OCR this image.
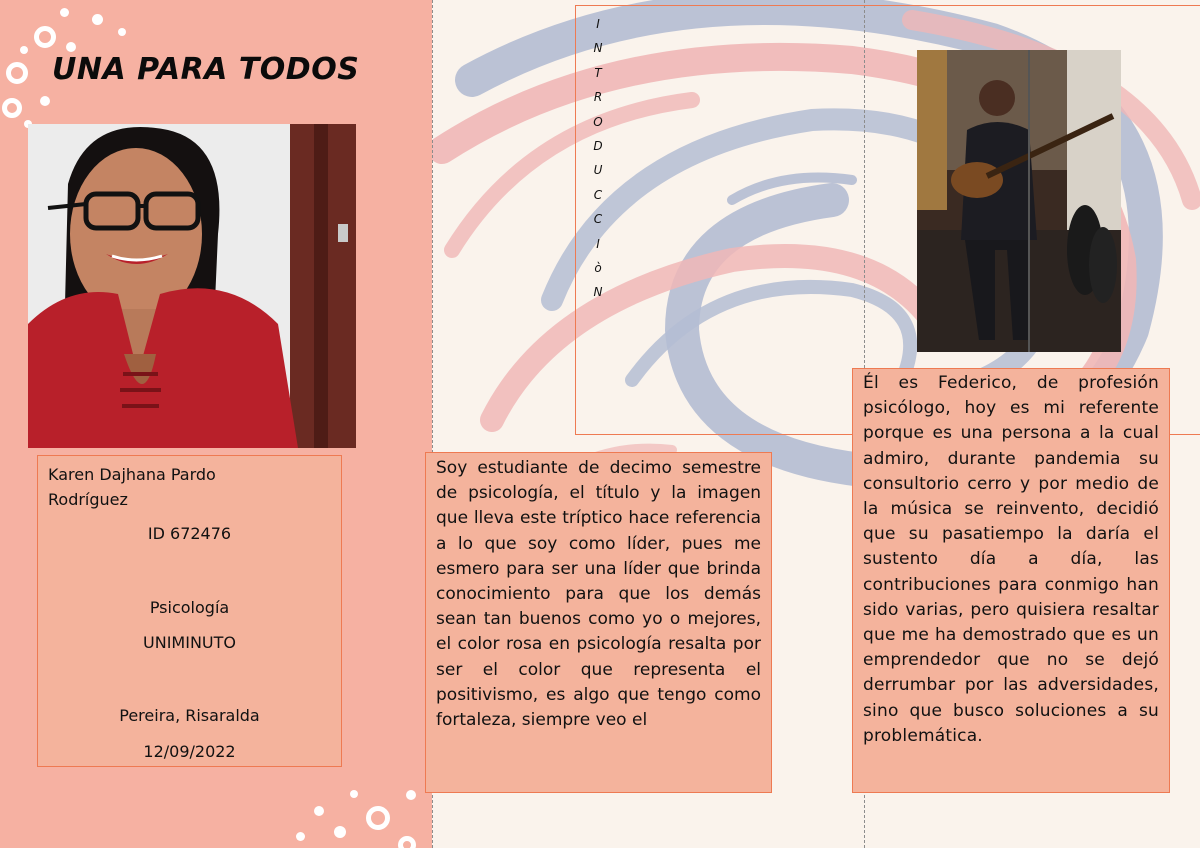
UNA PARA TODOS
Karen Dajhana Pardo Rodríguez
ID 672476
Psicología
UNIMINUTO
Pereira, Risaralda
12/09/2022
I
N
T
R
O
D
U
C
C
I
ò
N
Soy estudiante de decimo semestre de psicología, el título y la imagen que lleva este tríptico hace referencia a lo que soy como líder, pues me esmero para ser una líder que brinda conocimiento para que los demás sean tan buenos como yo o mejores, el color rosa en psicología resalta por ser el color que representa el positivismo, es algo que tengo como fortaleza, siempre veo el
Él es Federico, de profesión psicólogo, hoy es mi referente porque es una persona a la cual admiro, durante pandemia su consultorio cerro y por medio de la música se reinvento, decidió que su pasatiempo la daría el sustento día a día, las contribuciones para conmigo han sido varias, pero quisiera resaltar que me ha demostrado que es un emprendedor que no se dejó derrumbar por las adversidades, sino que busco soluciones a su problemática.
